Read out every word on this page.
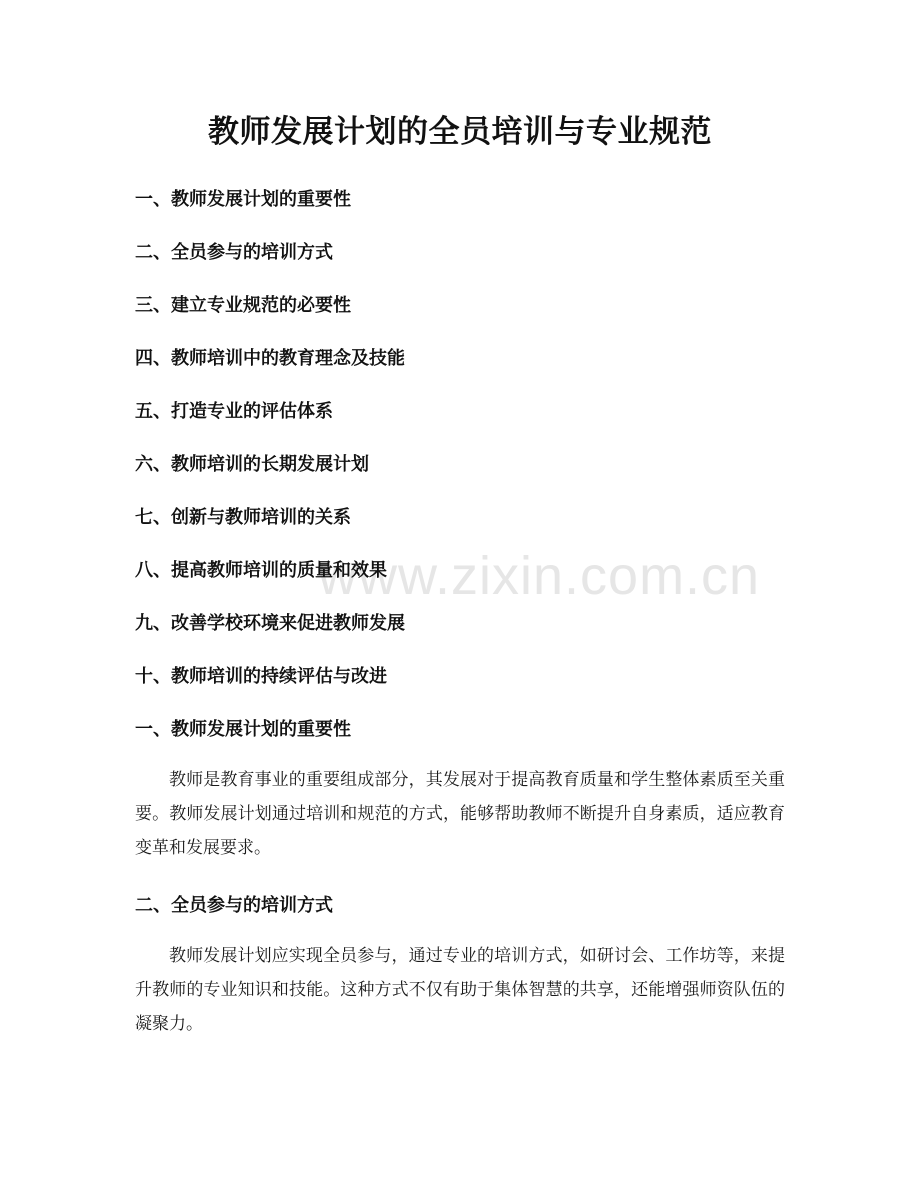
www.zixin.com.cn
教师发展计划的全员培训与专业规范
一、教师发展计划的重要性
二、全员参与的培训方式
三、建立专业规范的必要性
四、教师培训中的教育理念及技能
五、打造专业的评估体系
六、教师培训的长期发展计划
七、创新与教师培训的关系
八、提高教师培训的质量和效果
九、改善学校环境来促进教师发展
十、教师培训的持续评估与改进
一、教师发展计划的重要性

教师是教育事业的重要组成部分，其发展对于提高教育质量和学生整体素质至关重要。教师发展计划通过培训和规范的方式，能够帮助教师不断提升自身素质，适应教育变革和发展要求。

二、全员参与的培训方式

教师发展计划应实现全员参与，通过专业的培训方式，如研讨会、工作坊等，来提升教师的专业知识和技能。这种方式不仅有助于集体智慧的共享，还能增强师资队伍的凝聚力。
